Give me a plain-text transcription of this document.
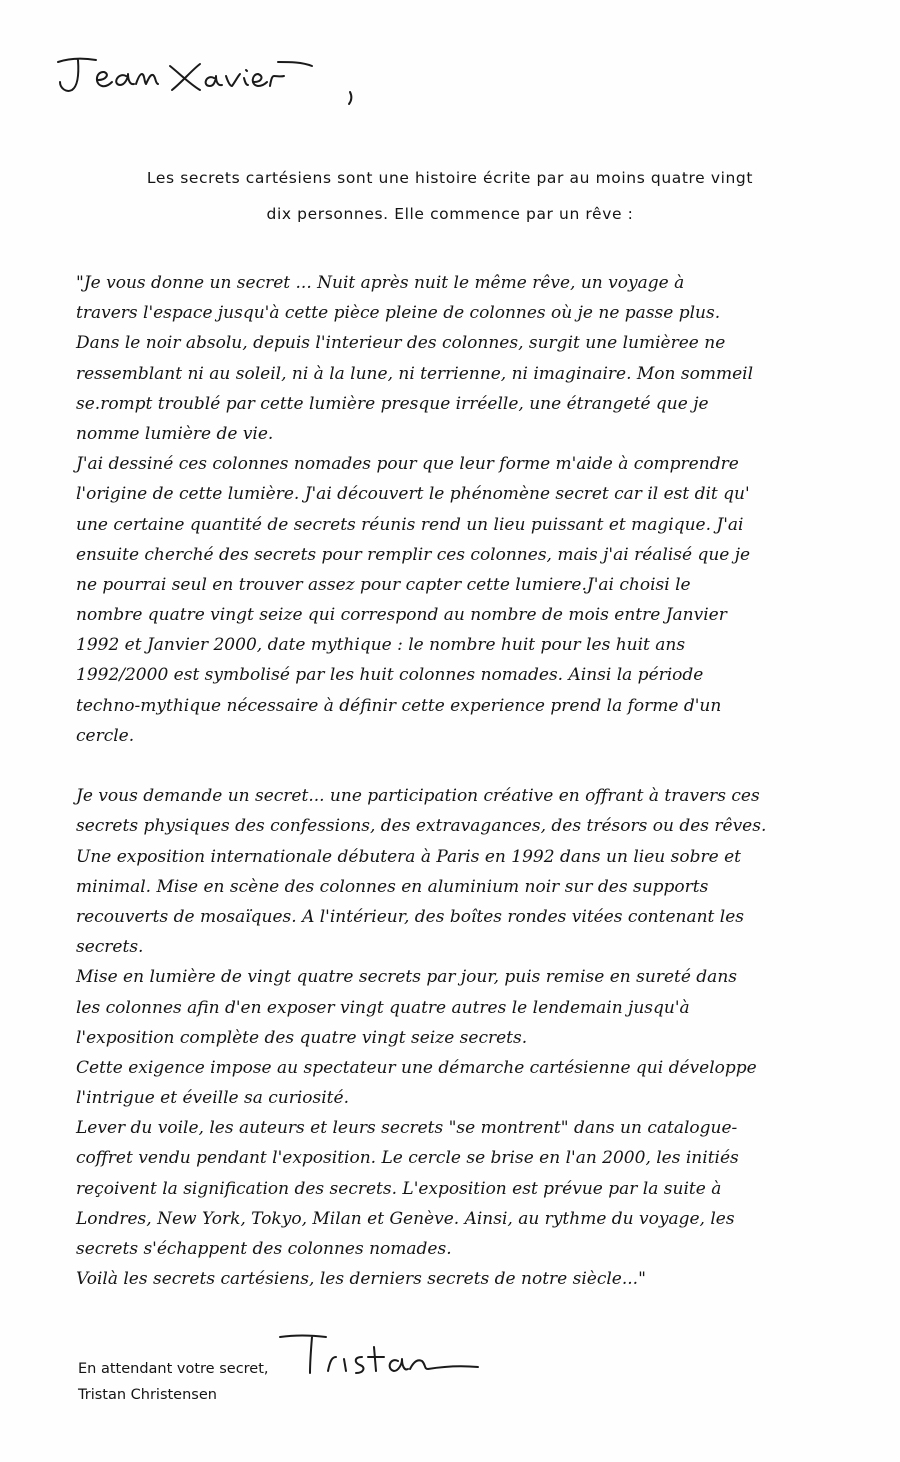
Les secrets cartésiens sont une histoire écrite par au moins quatre vingt
dix personnes. Elle commence par un rêve :
"Je vous donne un secret ... Nuit après nuit le même rêve, un voyage à
travers l'espace jusqu'à cette pièce pleine de colonnes où je ne passe plus.
Dans le noir absolu, depuis l'interieur des colonnes, surgit une lumièree ne
ressemblant ni au soleil, ni à la lune, ni terrienne, ni imaginaire. Mon sommeil
se.rompt troublé par cette lumière presque irréelle, une étrangeté que je
nomme lumière de vie.
J'ai dessiné ces colonnes nomades pour que leur forme m'aide à comprendre
l'origine de cette lumière. J'ai découvert le phénomène secret car il est dit qu'
une certaine quantité de secrets réunis rend un lieu puissant et magique. J'ai
ensuite cherché des secrets pour remplir ces colonnes, mais j'ai réalisé que je
ne pourrai seul en trouver assez pour capter cette lumiere.J'ai choisi le
nombre quatre vingt seize qui correspond au nombre de mois entre Janvier
1992 et Janvier 2000, date mythique : le nombre huit pour les huit ans
1992/2000 est symbolisé par les huit colonnes nomades. Ainsi la période
techno-mythique nécessaire à définir cette experience prend la forme d'un
cercle.
Je vous demande un secret... une participation créative en offrant à travers ces
secrets physiques des confessions, des extravagances, des trésors ou des rêves.
Une exposition internationale débutera à Paris en 1992 dans un lieu sobre et
minimal. Mise en scène des colonnes en aluminium noir sur des supports
recouverts de mosaïques. A l'intérieur, des boîtes rondes vitées contenant les
secrets.
Mise en lumière de vingt quatre secrets par jour, puis remise en sureté dans
les colonnes afin d'en exposer vingt quatre autres le lendemain jusqu'à
l'exposition complète des quatre vingt seize secrets.
Cette exigence impose au spectateur une démarche cartésienne qui développe
l'intrigue et éveille sa curiosité.
Lever du voile, les auteurs et leurs secrets "se montrent" dans un catalogue-
coffret vendu pendant l'exposition. Le cercle se brise en l'an 2000, les initiés
reçoivent la signification des secrets. L'exposition est prévue par la suite à
Londres, New York, Tokyo, Milan et Genève. Ainsi, au rythme du voyage, les
secrets s'échappent des colonnes nomades.
Voilà les secrets cartésiens, les derniers secrets de notre siècle..."
En attendant votre secret,
Tristan Christensen
